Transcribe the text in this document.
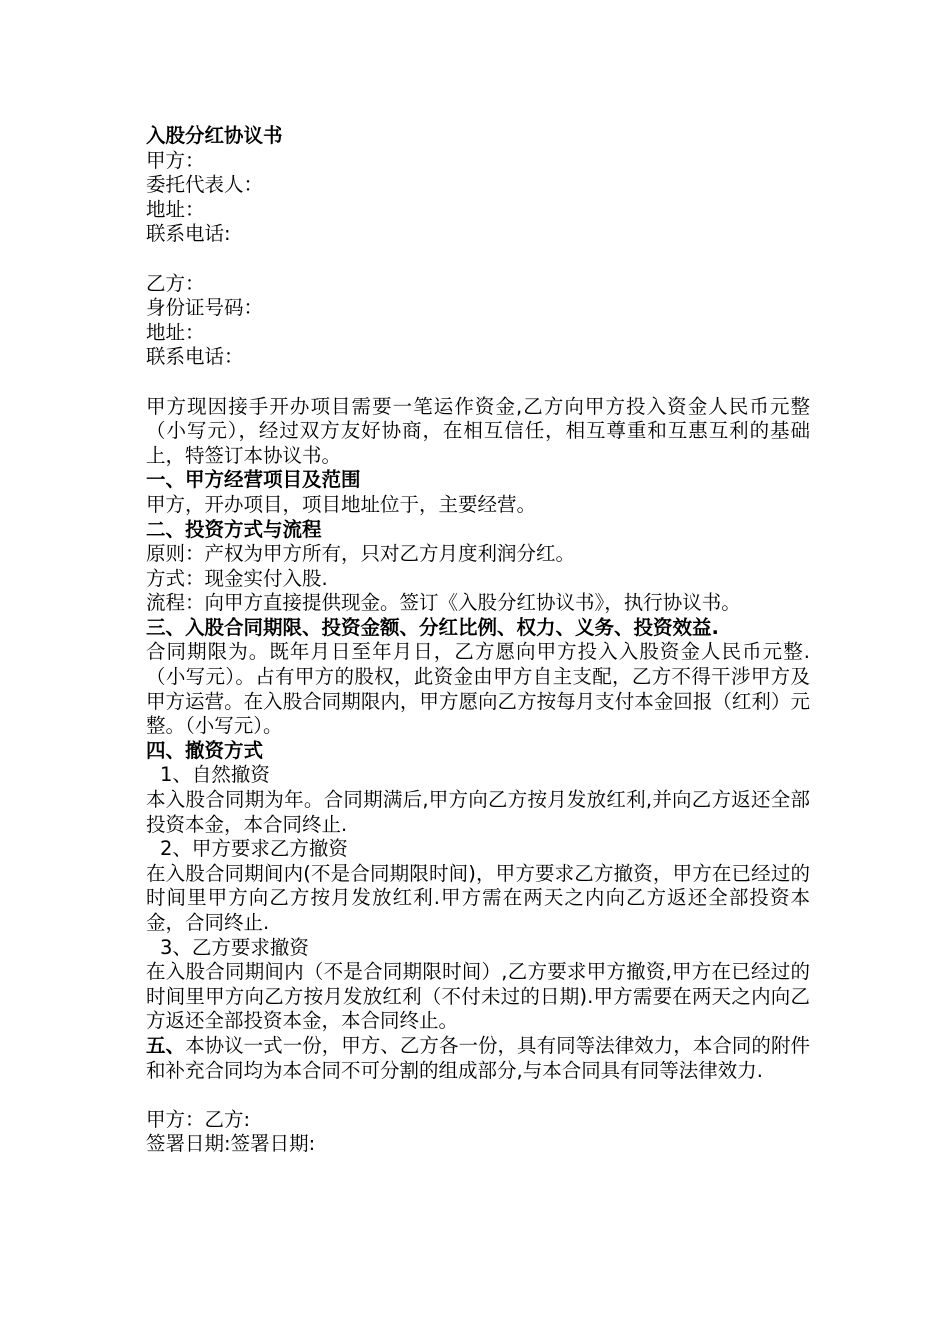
入股分红协议书
甲方：
委托代表人：
地址：
联系电话:
乙方：
身份证号码：
地址：
联系电话：
甲方现因接手开办项目需要一笔运作资金,乙方向甲方投入资金人民币元整（小写元），经过双方友好协商，在相互信任，相互尊重和互惠互利的基础上，特签订本协议书。
一、甲方经营项目及范围
甲方，开办项目，项目地址位于，主要经营。
二、投资方式与流程
原则：产权为甲方所有，只对乙方月度利润分红。
方式：现金实付入股.
流程：向甲方直接提供现金。签订《入股分红协议书》，执行协议书。
三、入股合同期限、投资金额、分红比例、权力、义务、投资效益.
合同期限为。既年月日至年月日，乙方愿向甲方投入入股资金人民币元整.（小写元）。占有甲方的股权，此资金由甲方自主支配，乙方不得干涉甲方及甲方运营。在入股合同期限内，甲方愿向乙方按每月支付本金回报（红利）元整。（小写元）。
四、撤资方式
1、自然撤资
本入股合同期为年。合同期满后,甲方向乙方按月发放红利,并向乙方返还全部投资本金，本合同终止.
2、甲方要求乙方撤资
在入股合同期间内(不是合同期限时间)，甲方要求乙方撤资，甲方在已经过的时间里甲方向乙方按月发放红利.甲方需在两天之内向乙方返还全部投资本金，合同终止.
3、乙方要求撤资
在入股合同期间内（不是合同期限时间）,乙方要求甲方撤资,甲方在已经过的时间里甲方向乙方按月发放红利（不付未过的日期).甲方需要在两天之内向乙方返还全部投资本金，本合同终止。
五、本协议一式一份，甲方、乙方各一份，具有同等法律效力，本合同的附件和补充合同均为本合同不可分割的组成部分,与本合同具有同等法律效力.
甲方：乙方:
签署日期:签署日期:
